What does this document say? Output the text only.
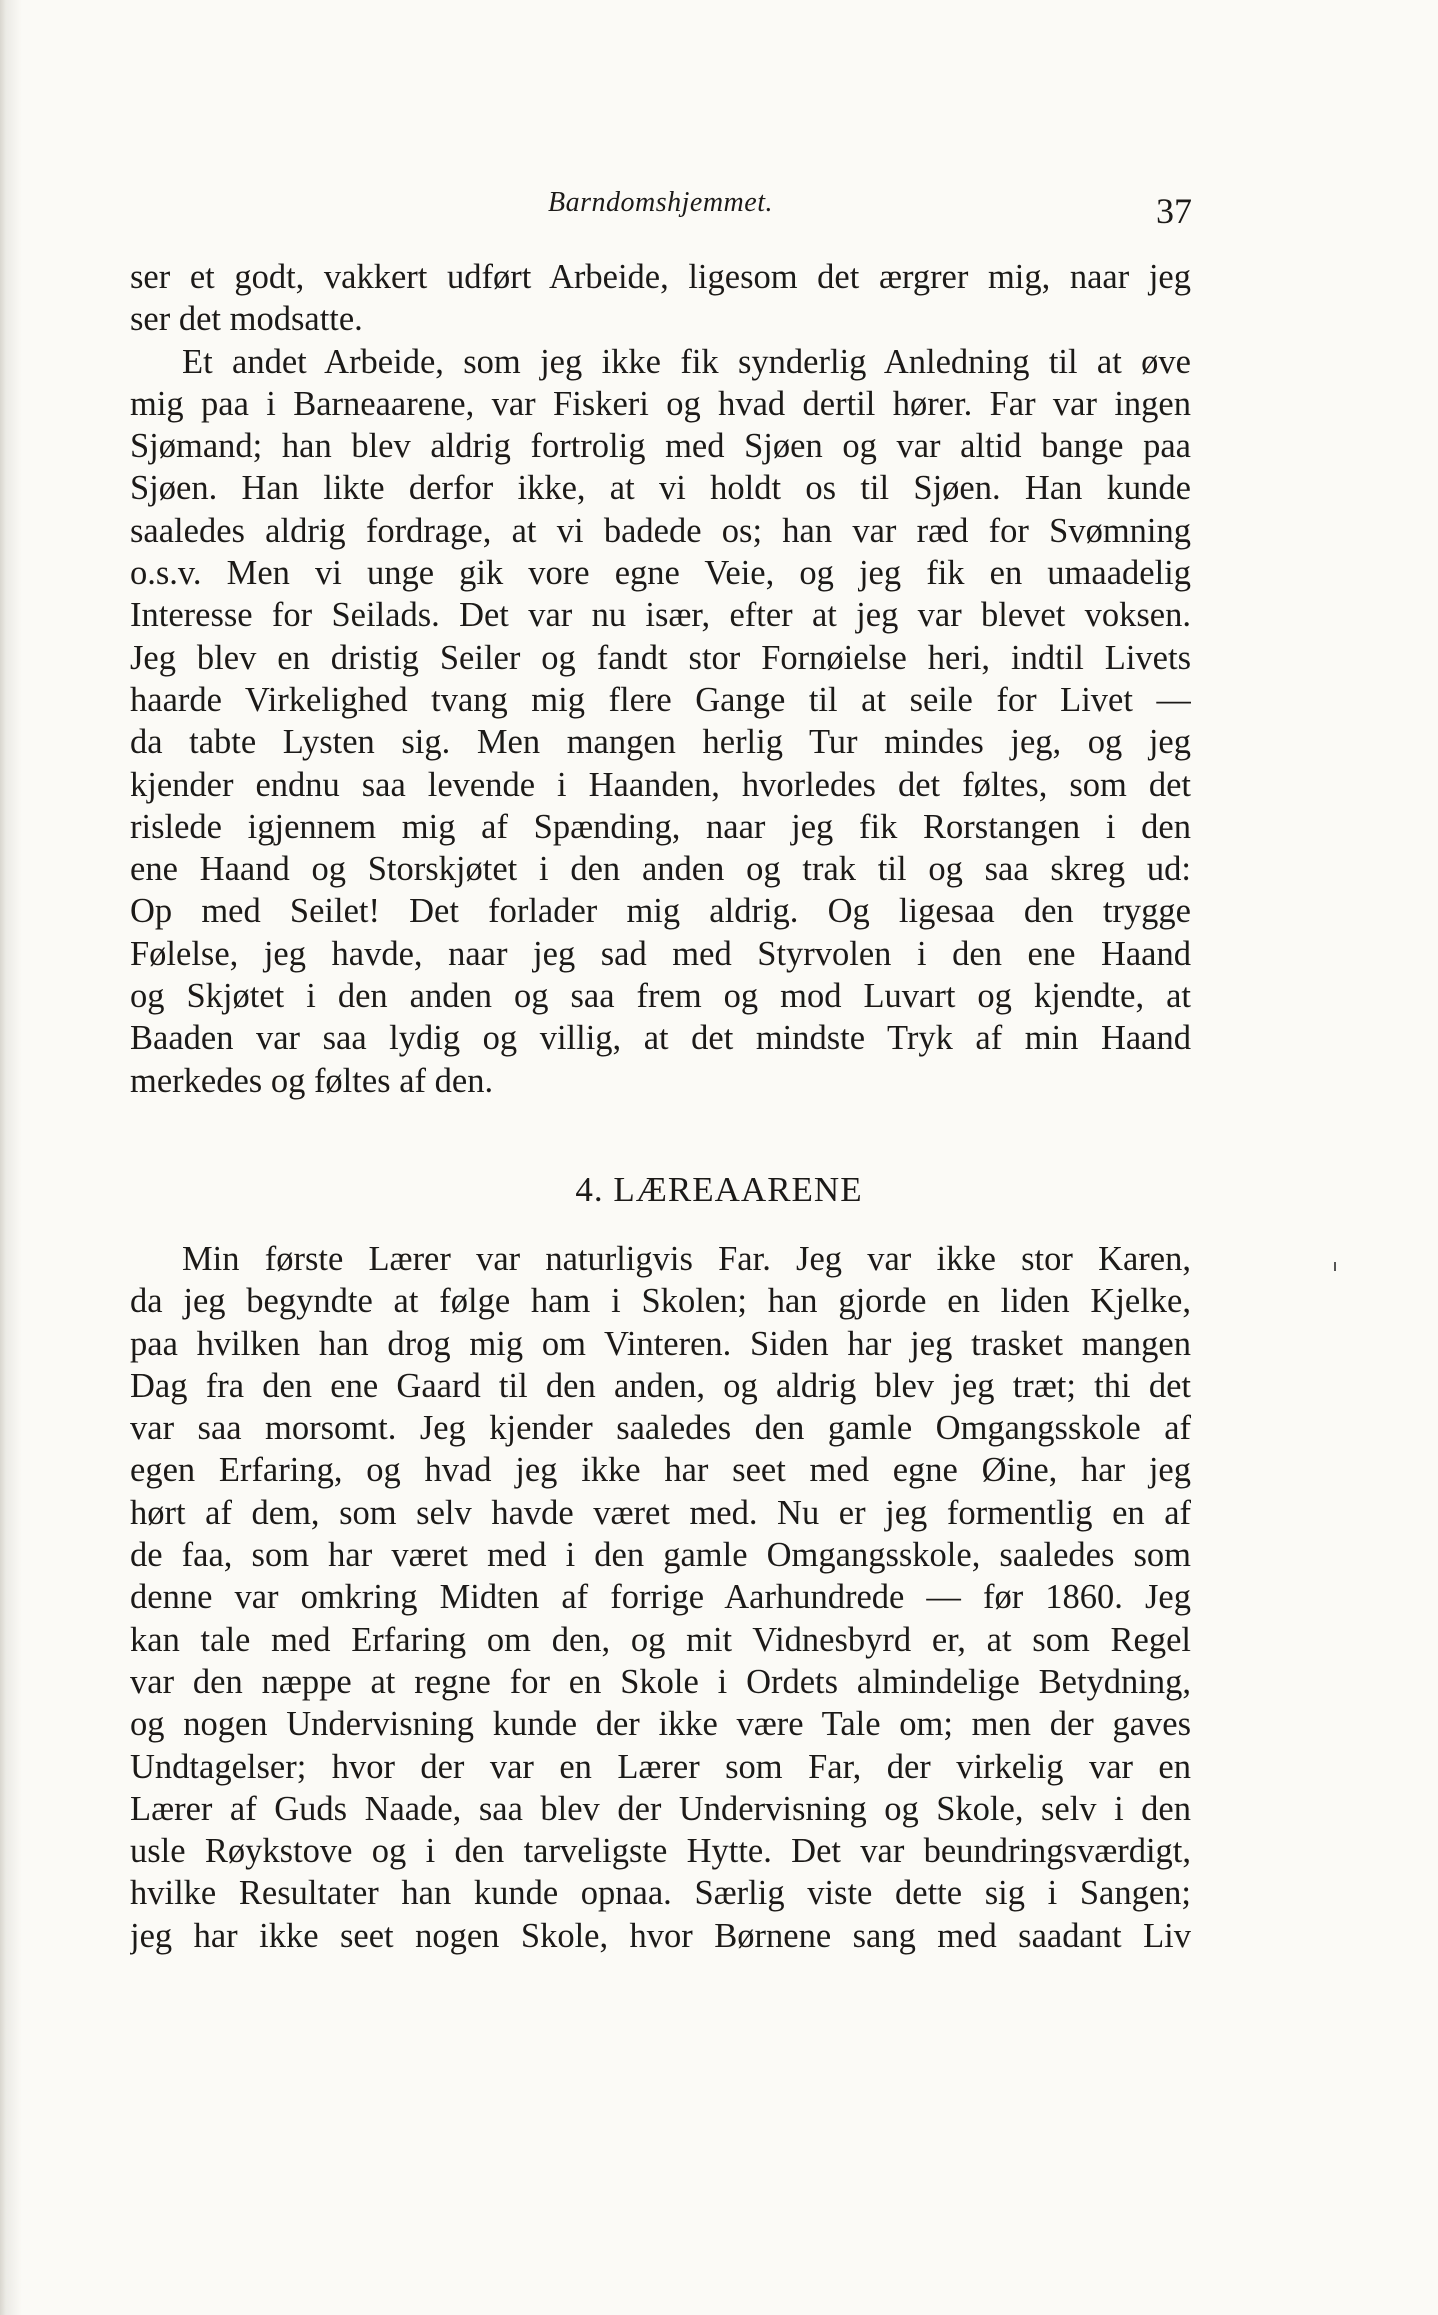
Barndomshjemmet.	37
ser et godt, vakkert udført Arbeide, ligesom det ærgrer mig, naar jeg
ser det modsatte.
Et andet Arbeide, som jeg ikke fik synderlig Anledning til at øve
mig paa i Barneaarene, var Fiskeri og hvad dertil hører. Far var ingen
Sjømand; han blev aldrig fortrolig med Sjøen og var altid bange paa
Sjøen. Han likte derfor ikke, at vi holdt os til Sjøen. Han kunde
saaledes aldrig fordrage, at vi badede os; han var ræd for Svømning
o.s.v. Men vi unge gik vore egne Veie, og jeg fik en umaadelig
Interesse for Seilads. Det var nu især, efter at jeg var blevet voksen.
Jeg blev en dristig Seiler og fandt stor Fornøielse heri, indtil Livets
haarde Virkelighed tvang mig flere Gange til at seile for Livet —
da tabte Lysten sig. Men mangen herlig Tur mindes jeg, og jeg
kjender endnu saa levende i Haanden, hvorledes det føltes, som det
rislede igjennem mig af Spænding, naar jeg fik Rorstangen i den
ene Haand og Storskjøtet i den anden og trak til og saa skreg ud:
Op med Seilet! Det forlader mig aldrig. Og ligesaa den trygge
Følelse, jeg havde, naar jeg sad med Styrvolen i den ene Haand
og Skjøtet i den anden og saa frem og mod Luvart og kjendte, at
Baaden var saa lydig og villig, at det mindste Tryk af min Haand
merkedes og føltes af den.
4. LÆREAARENE
Min første Lærer var naturligvis Far. Jeg var ikke stor Karen,
da jeg begyndte at følge ham i Skolen; han gjorde en liden Kjelke,
paa hvilken han drog mig om Vinteren. Siden har jeg trasket mangen
Dag fra den ene Gaard til den anden, og aldrig blev jeg træt; thi det
var saa morsomt. Jeg kjender saaledes den gamle Omgangsskole af
egen Erfaring, og hvad jeg ikke har seet med egne Øine, har jeg
hørt af dem, som selv havde været med. Nu er jeg formentlig en af
de faa, som har været med i den gamle Omgangsskole, saaledes som
denne var omkring Midten af forrige Aarhundrede — før 1860. Jeg
kan tale med Erfaring om den, og mit Vidnesbyrd er, at som Regel
var den næppe at regne for en Skole i Ordets almindelige Betydning,
og nogen Undervisning kunde der ikke være Tale om; men der gaves
Undtagelser; hvor der var en Lærer som Far, der virkelig var en
Lærer af Guds Naade, saa blev der Undervisning og Skole, selv i den
usle Røykstove og i den tarveligste Hytte. Det var beundringsværdigt,
hvilke Resultater han kunde opnaa. Særlig viste dette sig i Sangen;
jeg har ikke seet nogen Skole, hvor Børnene sang med saadant Liv
